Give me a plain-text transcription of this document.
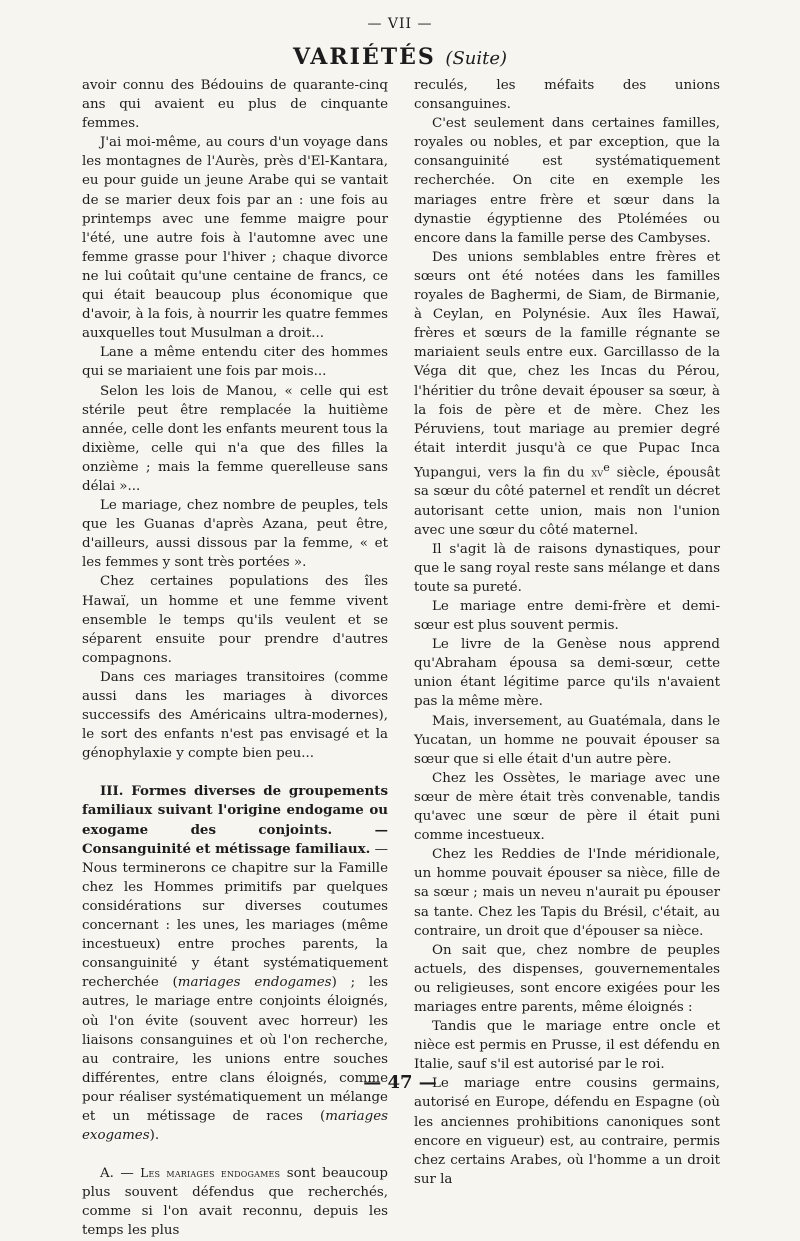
— VII —
VARIÉTÉS (Suite)

avoir connu des Bédouins de quarante-cinq ans qui avaient eu plus de cinquante femmes.

J'ai moi-même, au cours d'un voyage dans les montagnes de l'Aurès, près d'El-Kantara, eu pour guide un jeune Arabe qui se vantait de se marier deux fois par an : une fois au printemps avec une femme maigre pour l'été, une autre fois à l'automne avec une femme grasse pour l'hiver ; chaque divorce ne lui coûtait qu'une centaine de francs, ce qui était beaucoup plus économique que d'avoir, à la fois, à nourrir les quatre femmes auxquelles tout Musulman a droit...

Lane a même entendu citer des hommes qui se mariaient une fois par mois...

Selon les lois de Manou, « celle qui est stérile peut être remplacée la huitième année, celle dont les enfants meurent tous la dixième, celle qui n'a que des filles la onzième ; mais la femme querelleuse sans délai »...

Le mariage, chez nombre de peuples, tels que les Guanas d'après Azana, peut être, d'ailleurs, aussi dissous par la femme, « et les femmes y sont très portées ».

Chez certaines populations des îles Hawaï, un homme et une femme vivent ensemble le temps qu'ils veulent et se séparent ensuite pour prendre d'autres compagnons.

Dans ces mariages transitoires (comme aussi dans les mariages à divorces successifs des Américains ultra-modernes), le sort des enfants n'est pas envisagé et la génophylaxie y compte bien peu...

III. Formes diverses de groupements familiaux suivant l'origine endogame ou exogame des conjoints. — Consanguinité et métissage familiaux. — Nous terminerons ce chapitre sur la Famille chez les Hommes primitifs par quelques considérations sur diverses coutumes concernant : les unes, les mariages (même incestueux) entre proches parents, la consanguinité y étant systématiquement recherchée (mariages endogames) ; les autres, le mariage entre conjoints éloignés, où l'on évite (souvent avec horreur) les liaisons consanguines et où l'on recherche, au contraire, les unions entre souches différentes, entre clans éloignés, comme pour réaliser systématiquement un mélange et un métissage de races (mariages exogames).

A. — Les mariages endogames sont beaucoup plus souvent défendus que recherchés, comme si l'on avait reconnu, depuis les temps les plus

reculés, les méfaits des unions consanguines.

C'est seulement dans certaines familles, royales ou nobles, et par exception, que la consanguinité est systématiquement recherchée. On cite en exemple les mariages entre frère et sœur dans la dynastie égyptienne des Ptolémées ou encore dans la famille perse des Cambyses.

Des unions semblables entre frères et sœurs ont été notées dans les familles royales de Baghermi, de Siam, de Birmanie, à Ceylan, en Polynésie. Aux îles Hawaï, frères et sœurs de la famille régnante se mariaient seuls entre eux. Garcillasso de la Véga dit que, chez les Incas du Pérou, l'héritier du trône devait épouser sa sœur, à la fois de père et de mère. Chez les Péruviens, tout mariage au premier degré était interdit jusqu'à ce que Pupac Inca Yupangui, vers la fin du $xv^e$ siècle, épousât sa sœur du côté paternel et rendît un décret autorisant cette union, mais non l'union avec une sœur du côté maternel.

Il s'agit là de raisons dynastiques, pour que le sang royal reste sans mélange et dans toute sa pureté.

Le mariage entre demi-frère et demi-sœur est plus souvent permis.

Le livre de la Genèse nous apprend qu'Abraham épousa sa demi-sœur, cette union étant légitime parce qu'ils n'avaient pas la même mère.

Mais, inversement, au Guatémala, dans le Yucatan, un homme ne pouvait épouser sa sœur que si elle était d'un autre père.

Chez les Ossètes, le mariage avec une sœur de mère était très convenable, tandis qu'avec une sœur de père il était puni comme incestueux.

Chez les Reddies de l'Inde méridionale, un homme pouvait épouser sa nièce, fille de sa sœur ; mais un neveu n'aurait pu épouser sa tante. Chez les Tapis du Brésil, c'était, au contraire, un droit que d'épouser sa nièce.

On sait que, chez nombre de peuples actuels, des dispenses, gouvernementales ou religieuses, sont encore exigées pour les mariages entre parents, même éloignés :

Tandis que le mariage entre oncle et nièce est permis en Prusse, il est défendu en Italie, sauf s'il est autorisé par le roi.

Le mariage entre cousins germains, autorisé en Europe, défendu en Espagne (où les anciennes prohibitions canoniques sont encore en vigueur) est, au contraire, permis chez certains Arabes, où l'homme a un droit sur la

— 47 —
